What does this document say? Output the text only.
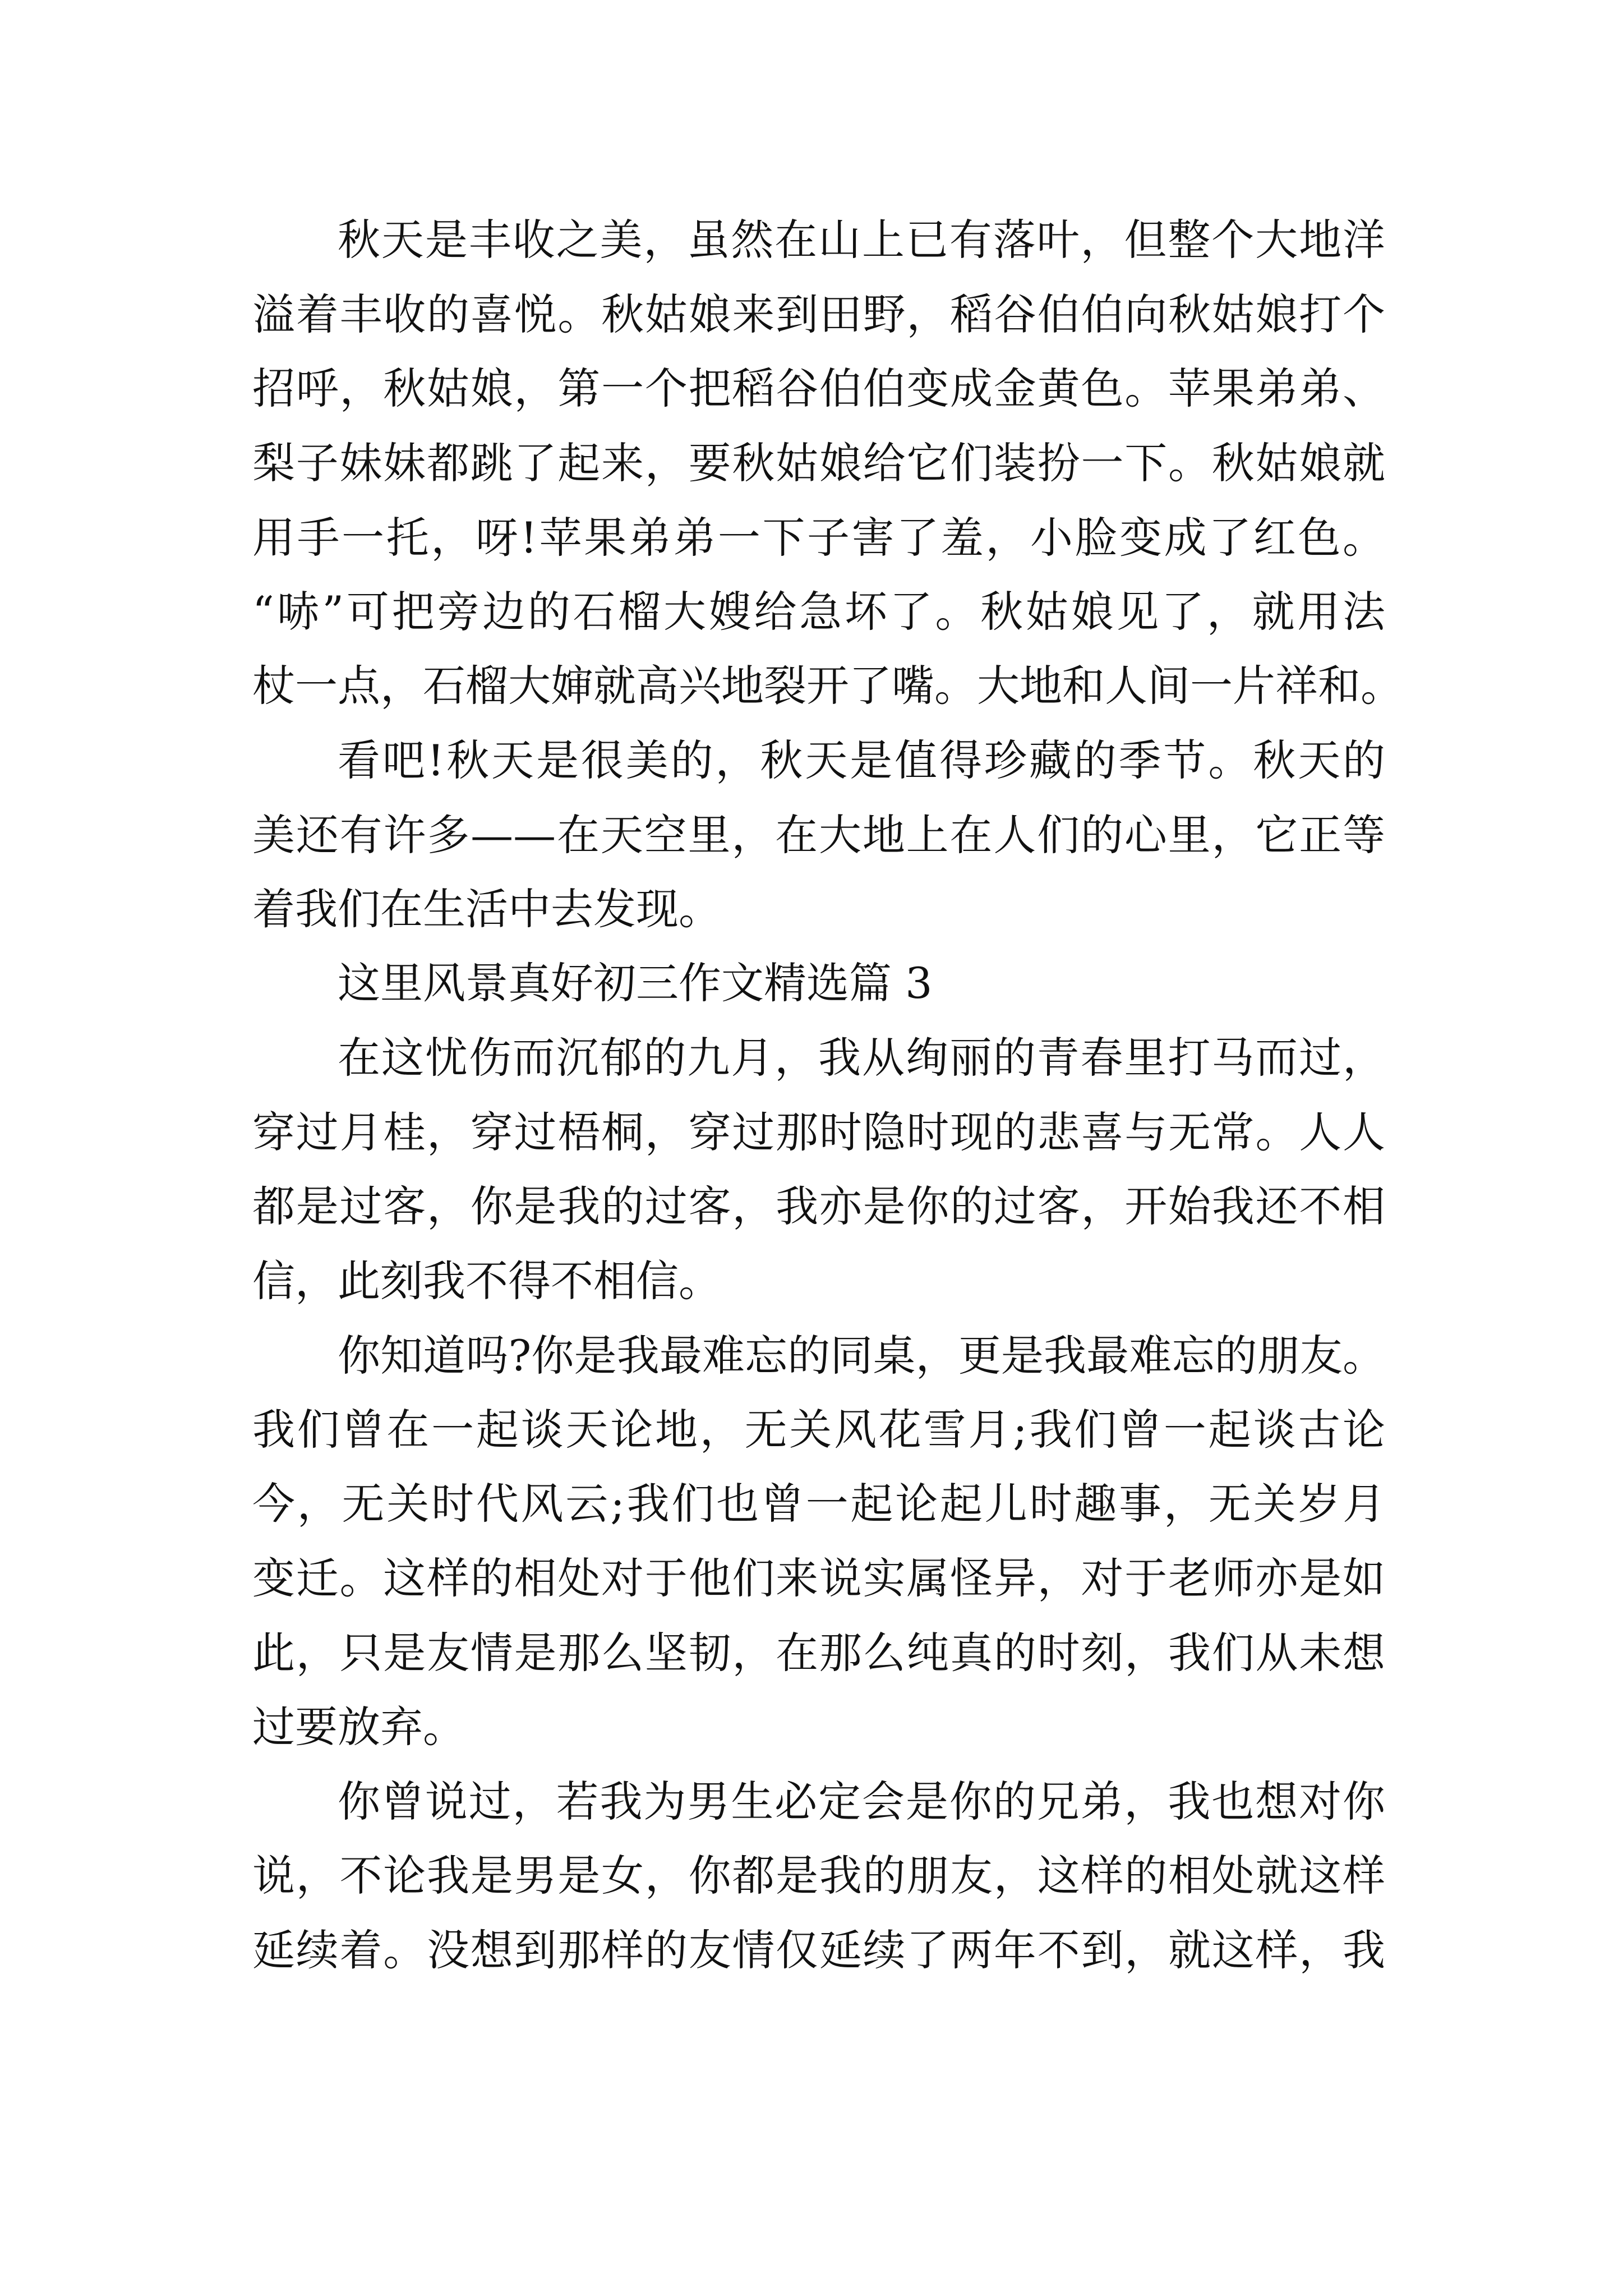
秋天是丰收之美，虽然在山上已有落叶，但整个大地洋

溢着丰收的喜悦。秋姑娘来到田野，稻谷伯伯向秋姑娘打个

招呼，秋姑娘，第一个把稻谷伯伯变成金黄色。苹果弟弟、

梨子妹妹都跳了起来，要秋姑娘给它们装扮一下。秋姑娘就

用手一托，呀!苹果弟弟一下子害了羞，小脸变成了红色。

“哧”可把旁边的石榴大嫂给急坏了。秋姑娘见了，就用法

杖一点，石榴大婶就高兴地裂开了嘴。大地和人间一片祥和。

看吧!秋天是很美的，秋天是值得珍藏的季节。秋天的

美还有许多——在天空里，在大地上在人们的心里，它正等

着我们在生活中去发现。

这里风景真好初三作文精选篇 3

在这忧伤而沉郁的九月，我从绚丽的青春里打马而过，

穿过月桂，穿过梧桐，穿过那时隐时现的悲喜与无常。人人

都是过客，你是我的过客，我亦是你的过客，开始我还不相

信，此刻我不得不相信。

你知道吗?你是我最难忘的同桌，更是我最难忘的朋友。

我们曾在一起谈天论地，无关风花雪月;我们曾一起谈古论

今，无关时代风云;我们也曾一起论起儿时趣事，无关岁月

变迁。这样的相处对于他们来说实属怪异，对于老师亦是如

此，只是友情是那么坚韧，在那么纯真的时刻，我们从未想

过要放弃。

你曾说过，若我为男生必定会是你的兄弟，我也想对你

说，不论我是男是女，你都是我的朋友，这样的相处就这样

延续着。没想到那样的友情仅延续了两年不到，就这样，我
